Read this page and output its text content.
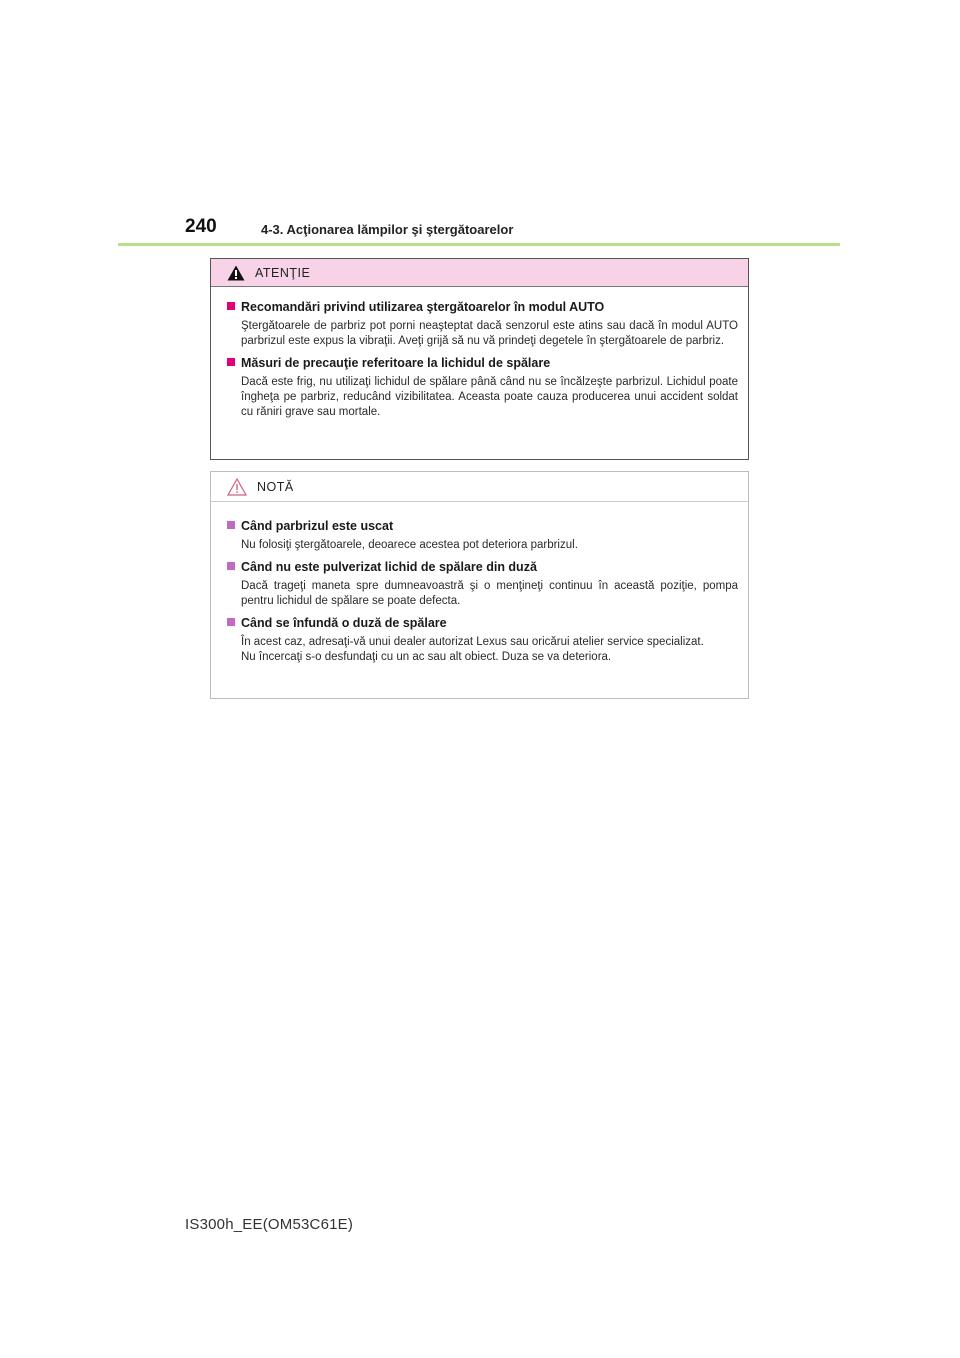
240	4-3. Acţionarea lămpilor şi ştergătoarelor
ATENŢIE
Recomandări privind utilizarea ştergătoarelor în modul AUTO

Ştergătoarele de parbriz pot porni neaşteptat dacă senzorul este atins sau dacă în modul AUTO parbrizul este expus la vibraţii. Aveţi grijă să nu vă prindeţi degetele în ştergătoarele de parbriz.

Măsuri de precauţie referitoare la lichidul de spălare

Dacă este frig, nu utilizaţi lichidul de spălare până când nu se încălzeşte parbrizul. Lichidul poate îngheţa pe parbriz, reducând vizibilitatea. Aceasta poate cauza producerea unui accident soldat cu răniri grave sau mortale.

NOTĂ
Când parbrizul este uscat

Nu folosiţi ştergătoarele, deoarece acestea pot deteriora parbrizul.

Când nu este pulverizat lichid de spălare din duză

Dacă trageţi maneta spre dumneavoastră şi o menţineţi continuu în această poziţie, pompa pentru lichidul de spălare se poate defecta.

Când se înfundă o duză de spălare

În acest caz, adresaţi-vă unui dealer autorizat Lexus sau oricărui atelier service specializat.

Nu încercaţi s-o desfundaţi cu un ac sau alt obiect. Duza se va deteriora.

IS300h_EE(OM53C61E)
